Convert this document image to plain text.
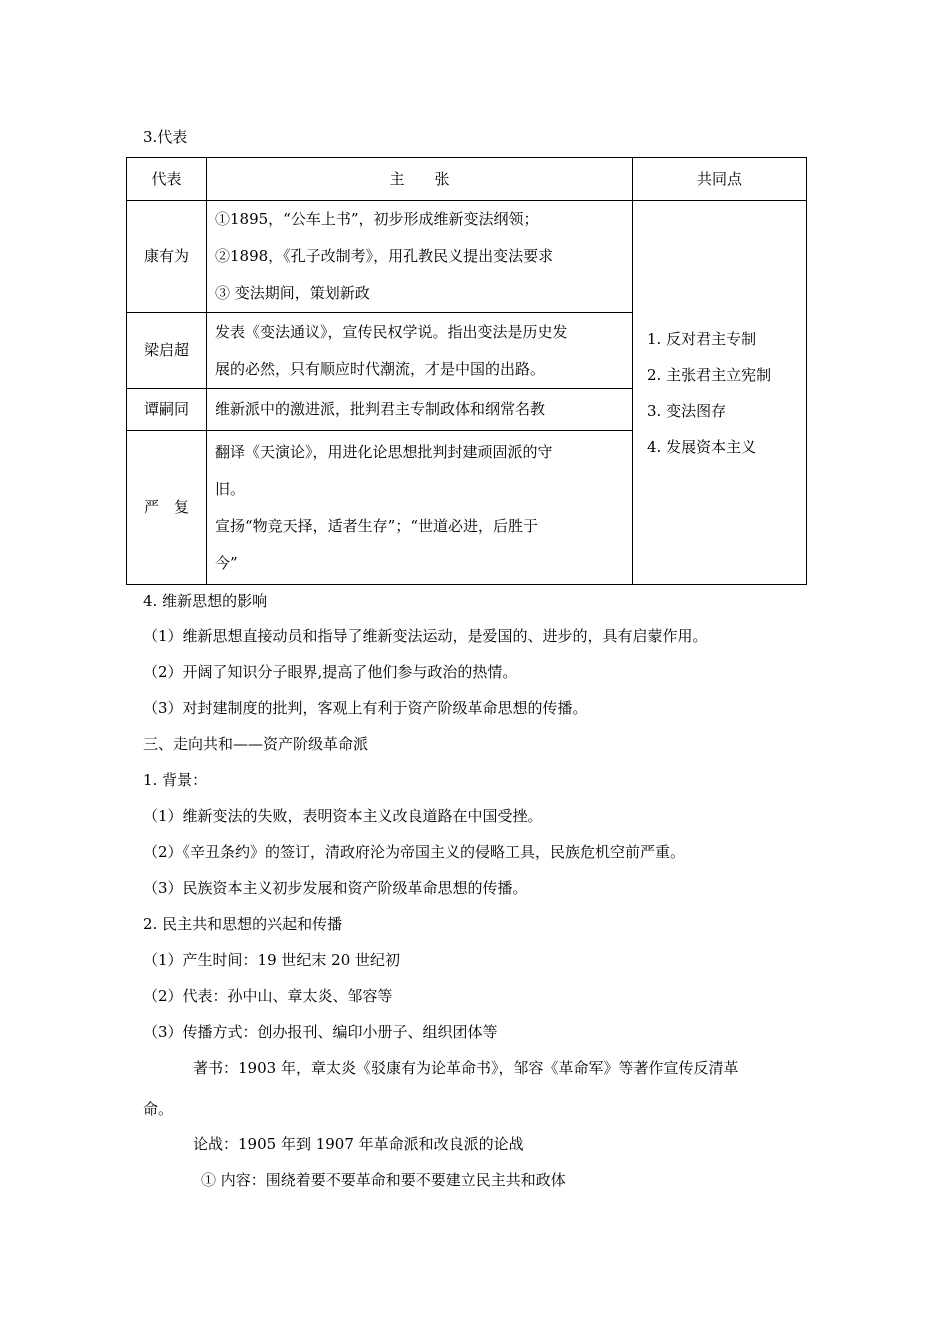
3.代表
代表	主　　张	共同点
康有为	①1895，“公车上书”，初步形成维新变法纲领；
②1898，《孔子改制考》，用孔教民义提出变法要求
③ 变法期间，策划新政	1. 反对君主专制
2. 主张君主立宪制
3. 变法图存
4. 发展资本主义

梁启超	发表《变法通议》，宣传民权学说。指出变法是历史发
展的必然，只有顺应时代潮流，才是中国的出路。	

谭嗣同	维新派中的激进派，批判君主专制政体和纲常名教	

严　复	翻译《天演论》，用进化论思想批判封建顽固派的守
旧。
宣扬“物竞天择，适者生存”；“世道必进，后胜于
今”	
4. 维新思想的影响
（1）维新思想直接动员和指导了维新变法运动，是爱国的、进步的，具有启蒙作用。
（2）开阔了知识分子眼界,提高了他们参与政治的热情。
（3）对封建制度的批判，客观上有利于资产阶级革命思想的传播。
三、走向共和——资产阶级革命派
1. 背景：
（1）维新变法的失败，表明资本主义改良道路在中国受挫。
（2）《辛丑条约》的签订，清政府沦为帝国主义的侵略工具，民族危机空前严重。
（3）民族资本主义初步发展和资产阶级革命思想的传播。
2. 民主共和思想的兴起和传播
（1）产生时间：19 世纪末 20 世纪初
（2）代表：孙中山、章太炎、邹容等
（3）传播方式：创办报刊、编印小册子、组织团体等
著书：1903 年，章太炎《驳康有为论革命书》，邹容《革命军》等著作宣传反清革
命。
论战：1905 年到 1907 年革命派和改良派的论战
① 内容：围绕着要不要革命和要不要建立民主共和政体
